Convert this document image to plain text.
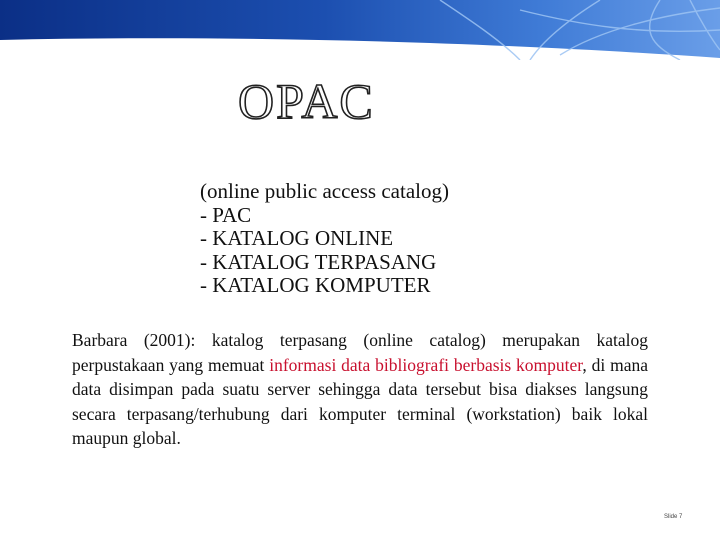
OPAC
(online public access catalog)
- PAC
- KATALOG ONLINE
- KATALOG TERPASANG
- KATALOG KOMPUTER
Barbara (2001): katalog terpasang (online catalog) merupakan katalog perpustakaan yang memuat informasi data bibliografi berbasis komputer, di mana data disimpan pada suatu server sehingga data tersebut bisa diakses langsung secara terpasang/terhubung dari komputer terminal (workstation) baik lokal maupun global.
Slide 7
